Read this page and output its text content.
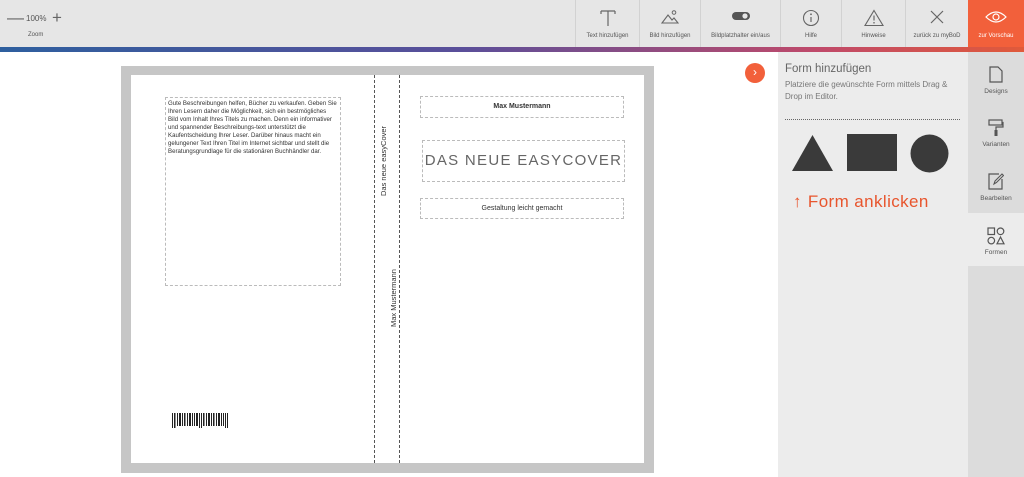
— 100% +
Zoom	Text hinzufügen	Bild hinzufügen	Bildplatzhalter ein/aus	Hilfe	Hinweise	zurück zu myBoD	zur Vorschau

Gute Beschreibungen helfen, Bücher zu verkaufen. Geben Sie Ihren Lesern daher die Möglichkeit, sich ein bestmögliches Bild vom Inhalt Ihres Titels zu machen. Denn ein informativer und spannender Beschreibungs-text unterstützt die Kaufentscheidung Ihrer Leser. Darüber hinaus macht ein gelungener Text Ihren Titel im Internet sichtbar und stellt die Beratungsgrundlage für die stationären Buchhändler dar.	Das neue easyCover
Max Mustermann
Max Mustermann
DAS NEUE EASYCOVER
Gestaltung leicht gemacht
›	Form hinzufügen
Platziere die gewünschte Form mittels Drag & Drop im Editor.
↑ Form anklicken
Designs
Varianten
Bearbeiten
Formen
